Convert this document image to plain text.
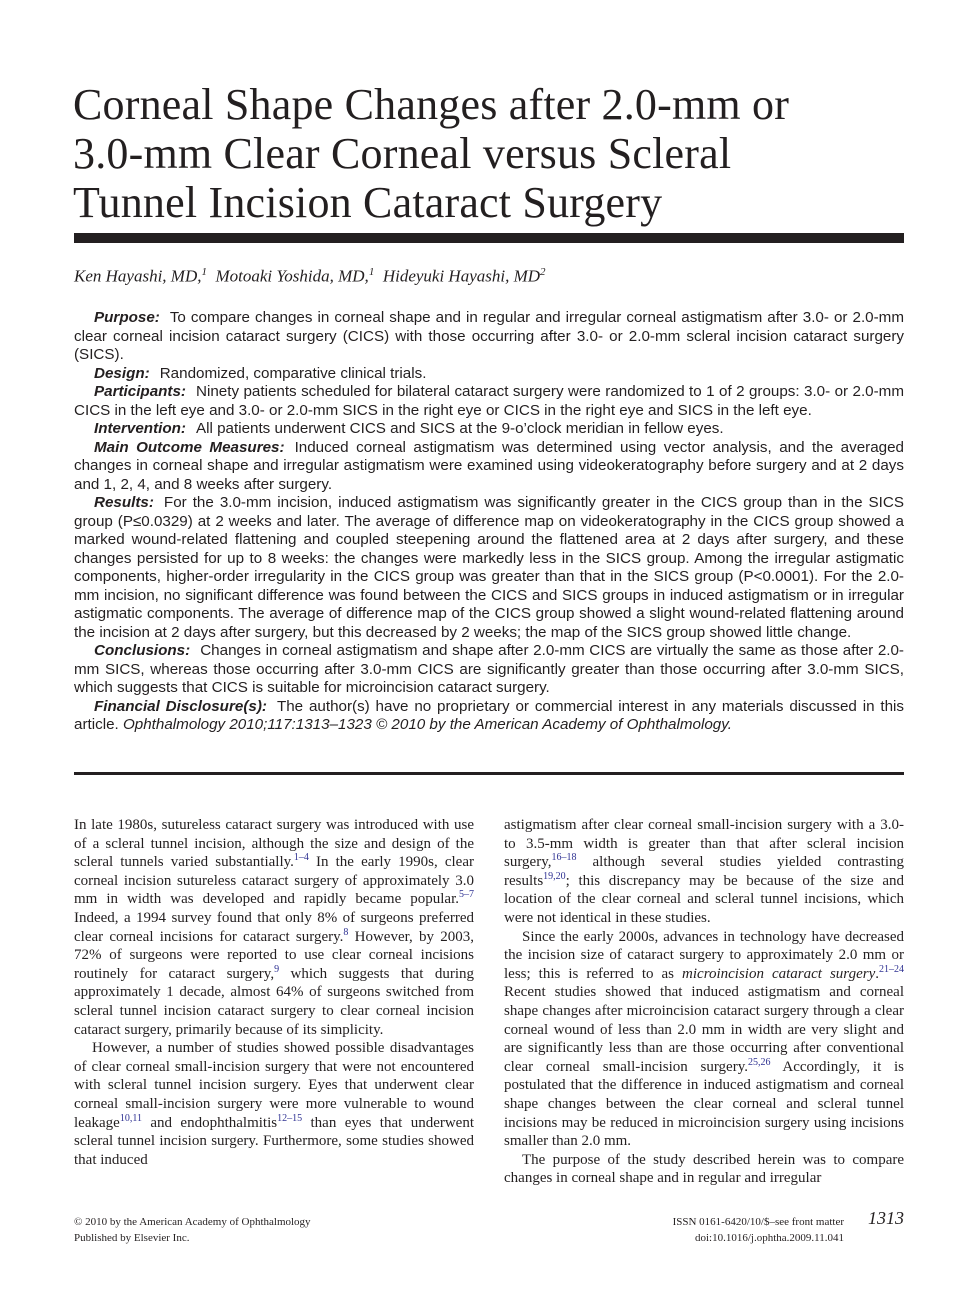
Corneal Shape Changes after 2.0-mm or
3.0-mm Clear Corneal versus Scleral
Tunnel Incision Cataract Surgery
Ken Hayashi, MD,$^1$ Motoaki Yoshida, MD,$^1$ Hideyuki Hayashi, $MD^2$

Purpose: To compare changes in corneal shape and in regular and irregular corneal astigmatism after 3.0- or 2.0-mm clear corneal incision cataract surgery (CICS) with those occurring after 3.0- or 2.0-mm scleral incision cataract surgery (SICS).

Design: Randomized, comparative clinical trials.

Participants: Ninety patients scheduled for bilateral cataract surgery were randomized to 1 of 2 groups: 3.0- or 2.0-mm CICS in the left eye and 3.0- or 2.0-mm SICS in the right eye or CICS in the right eye and SICS in the left eye.

Intervention: All patients underwent CICS and SICS at the 9-o’clock meridian in fellow eyes.

Main Outcome Measures: Induced corneal astigmatism was determined using vector analysis, and the averaged changes in corneal shape and irregular astigmatism were examined using videokeratography before surgery and at 2 days and 1, 2, 4, and 8 weeks after surgery.

Results: For the 3.0-mm incision, induced astigmatism was significantly greater in the CICS group than in the SICS group (P≤0.0329) at 2 weeks and later. The average of difference map on videokeratography in the CICS group showed a marked wound-related flattening and coupled steepening around the flattened area at 2 days after surgery, and these changes persisted for up to 8 weeks: the changes were markedly less in the SICS group. Among the irregular astigmatic components, higher-order irregularity in the CICS group was greater than that in the SICS group (P<0.0001). For the 2.0-mm incision, no significant difference was found between the CICS and SICS groups in induced astigmatism or in irregular astigmatic components. The average of difference map of the CICS group showed a slight wound-related flattening around the incision at 2 days after surgery, but this decreased by 2 weeks; the map of the SICS group showed little change.

Conclusions: Changes in corneal astigmatism and shape after 2.0-mm CICS are virtually the same as those after 2.0-mm SICS, whereas those occurring after 3.0-mm CICS are significantly greater than those occurring after 3.0-mm SICS, which suggests that CICS is suitable for microincision cataract surgery.

Financial Disclosure(s): The author(s) have no proprietary or commercial interest in any materials discussed in this article. Ophthalmology 2010;117:1313–1323 © 2010 by the American Academy of Ophthalmology.

In late 1980s, sutureless cataract surgery was introduced with use of a scleral tunnel incision, although the size and design of the scleral tunnels varied substantially.$^{1-4}$ In the early 1990s, clear corneal incision sutureless cataract surgery of approximately 3.0 mm in width was developed and rapidly became popular.$^{5-7}$ Indeed, a 1994 survey found that only 8% of surgeons preferred clear corneal incisions for cataract surgery.$^8$ However, by 2003, 72% of surgeons were reported to use clear corneal incisions routinely for cataract surgery,$^9$ which suggests that during approximately 1 decade, almost 64% of surgeons switched from scleral tunnel incision cataract surgery to clear corneal incision cataract surgery, primarily because of its simplicity.

However, a number of studies showed possible disadvantages of clear corneal small-incision surgery that were not encountered with scleral tunnel incision surgery. Eyes that underwent clear corneal small-incision surgery were more vulnerable to wound leakage$^{10,11}$ and endophthalmitis$^{12-15}$ than eyes that underwent scleral tunnel incision surgery. Furthermore, some studies showed that induced

astigmatism after clear corneal small-incision surgery with a 3.0- to 3.5-mm width is greater than that after scleral incision surgery,$^{16-18}$ although several studies yielded contrasting results$^{19,20}$; this discrepancy may be because of the size and location of the clear corneal and scleral tunnel incisions, which were not identical in these studies.

Since the early 2000s, advances in technology have decreased the incision size of cataract surgery to approximately 2.0 mm or less; this is referred to as microincision cataract surgery.$^{21-24}$ Recent studies showed that induced astigmatism and corneal shape changes after microincision cataract surgery through a clear corneal wound of less than 2.0 mm in width are very slight and are significantly less than are those occurring after conventional clear corneal small-incision surgery.$^{25,26}$ Accordingly, it is postulated that the difference in induced astigmatism and corneal shape changes between the clear corneal and scleral tunnel incisions may be reduced in microincision surgery using incisions smaller than 2.0 mm.

The purpose of the study described herein was to compare changes in corneal shape and in regular and irregular

© 2010 by the American Academy of Ophthalmology
Published by Elsevier Inc.
ISSN 0161-6420/10/$–see front matter
doi:10.1016/j.ophtha.2009.11.041
1313
